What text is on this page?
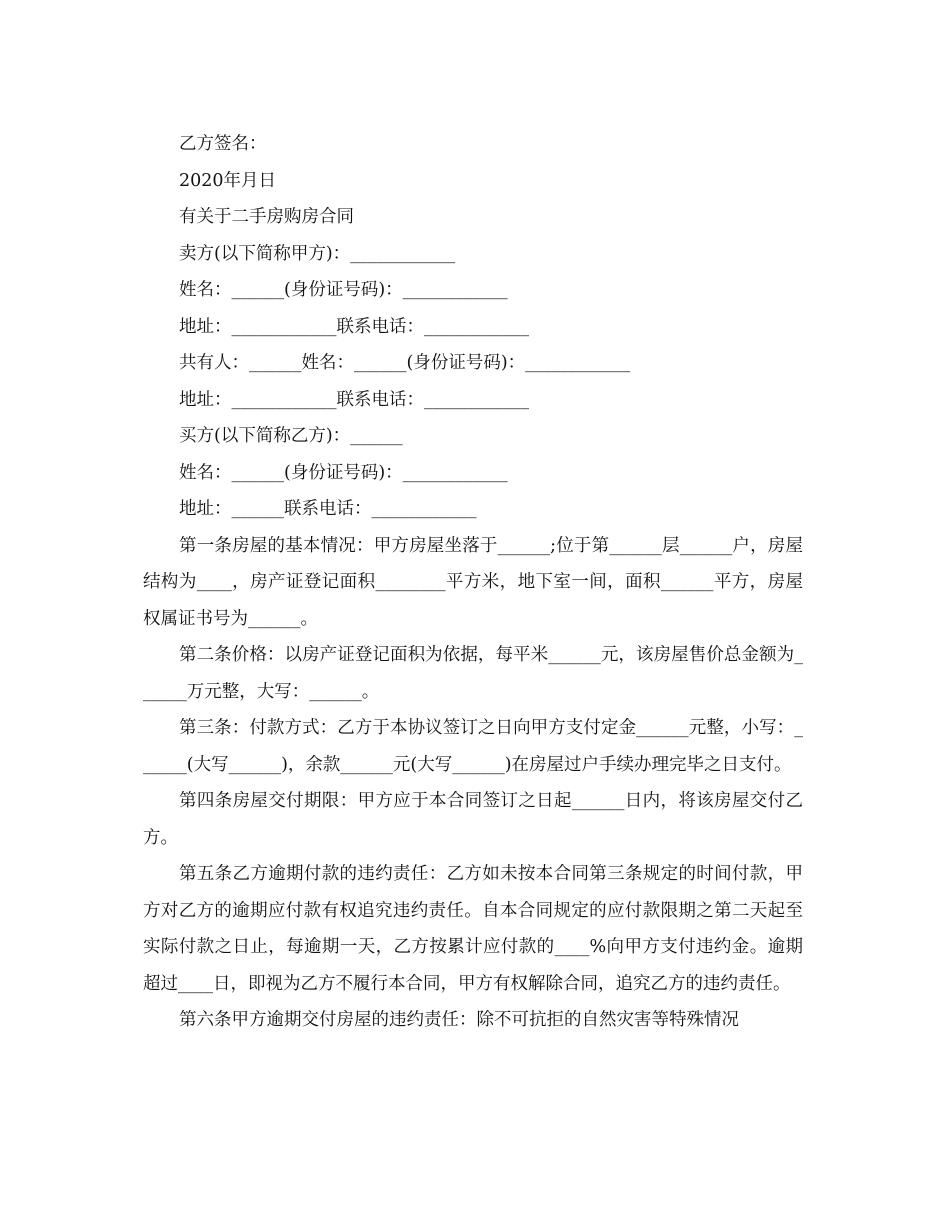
乙方签名：

2020年月日

有关于二手房购房合同

卖方(以下简称甲方)：____________

姓名：______(身份证号码)：____________

地址：____________联系电话：____________

共有人：______姓名：______(身份证号码)：____________

地址：____________联系电话：____________

买方(以下简称乙方)：______

姓名：______(身份证号码)：____________

地址：______联系电话：____________

第一条房屋的基本情况：甲方房屋坐落于______;位于第______层______户，房屋结构为____，房产证登记面积________平方米，地下室一间，面积______平方，房屋权属证书号为______。

第二条价格：以房产证登记面积为依据，每平米______元，该房屋售价总金额为______万元整，大写：______。

第三条：付款方式：乙方于本协议签订之日向甲方支付定金______元整，小写：______(大写______)，余款______元(大写______)在房屋过户手续办理完毕之日支付。

第四条房屋交付期限：甲方应于本合同签订之日起______日内，将该房屋交付乙方。

第五条乙方逾期付款的违约责任：乙方如未按本合同第三条规定的时间付款，甲方对乙方的逾期应付款有权追究违约责任。自本合同规定的应付款限期之第二天起至实际付款之日止，每逾期一天，乙方按累计应付款的____%向甲方支付违约金。逾期超过____日，即视为乙方不履行本合同，甲方有权解除合同，追究乙方的违约责任。

第六条甲方逾期交付房屋的违约责任：除不可抗拒的自然灾害等特殊情况
